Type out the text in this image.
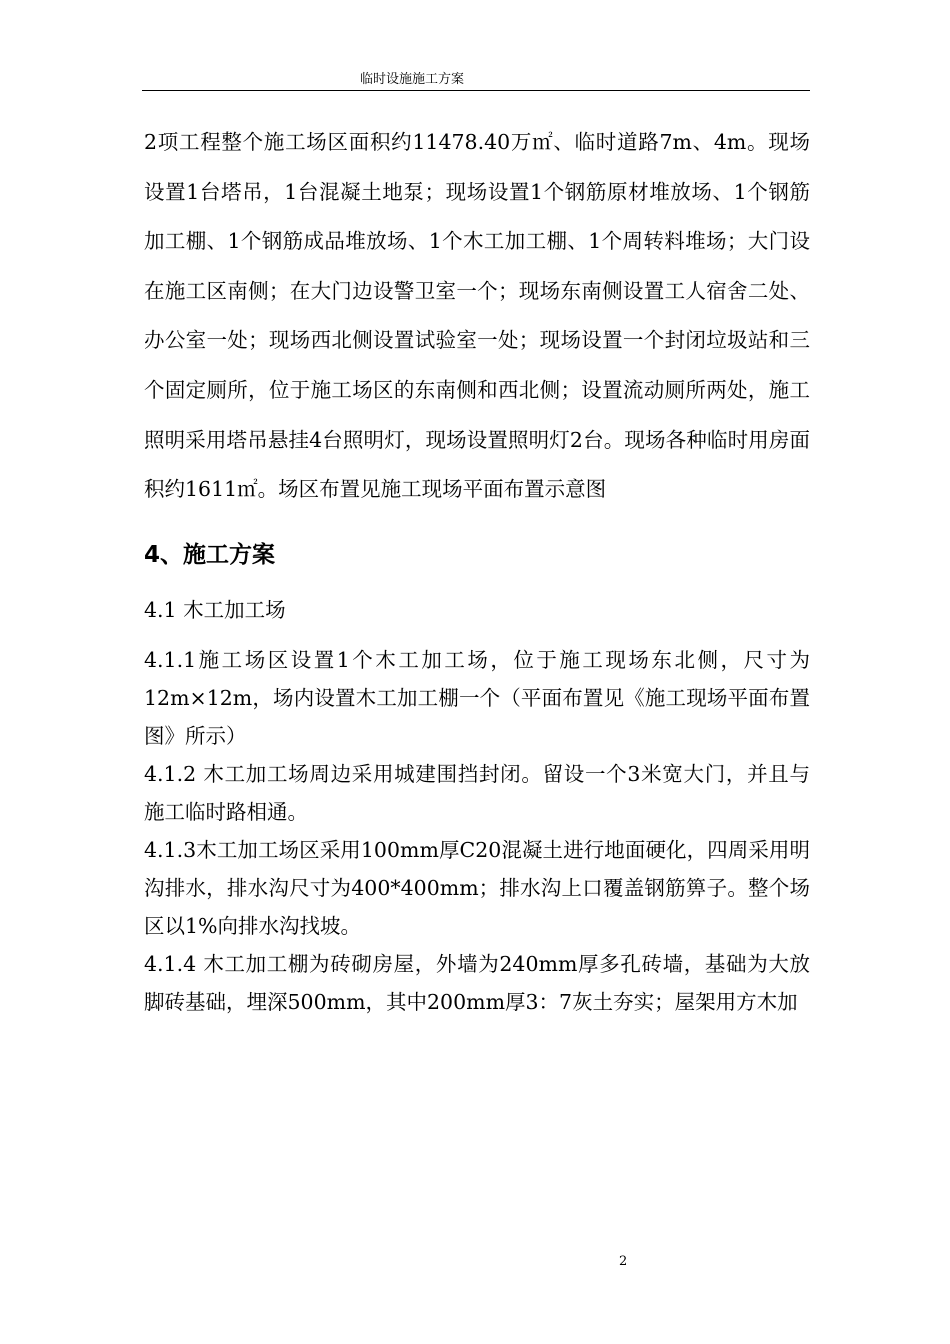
临时设施施工方案

2项工程整个施工场区面积约11478.40万㎡、临时道路7m、4m。现场设置1台塔吊，1台混凝土地泵；现场设置1个钢筋原材堆放场、1个钢筋加工棚、1个钢筋成品堆放场、1个木工加工棚、1个周转料堆场；大门设在施工区南侧；在大门边设警卫室一个；现场东南侧设置工人宿舍二处、办公室一处；现场西北侧设置试验室一处；现场设置一个封闭垃圾站和三个固定厕所，位于施工场区的东南侧和西北侧；设置流动厕所两处，施工照明采用塔吊悬挂4台照明灯，现场设置照明灯2台。现场各种临时用房面积约1611㎡。场区布置见施工现场平面布置示意图

4、施工方案
4.1 木工加工场

4.1.1施工场区设置1个木工加工场，位于施工现场东北侧，尺寸为12m×12m，场内设置木工加工棚一个（平面布置见《施工现场平面布置图》所示）

4.1.2 木工加工场周边采用城建围挡封闭。留设一个3米宽大门，并且与施工临时路相通。

4.1.3木工加工场区采用100mm厚C20混凝土进行地面硬化，四周采用明沟排水，排水沟尺寸为400*400mm；排水沟上口覆盖钢筋箅子。整个场区以1%向排水沟找坡。

4.1.4 木工加工棚为砖砌房屋，外墙为240mm厚多孔砖墙，基础为大放脚砖基础，埋深500mm，其中200mm厚3：7灰土夯实；屋架用方木加

2
